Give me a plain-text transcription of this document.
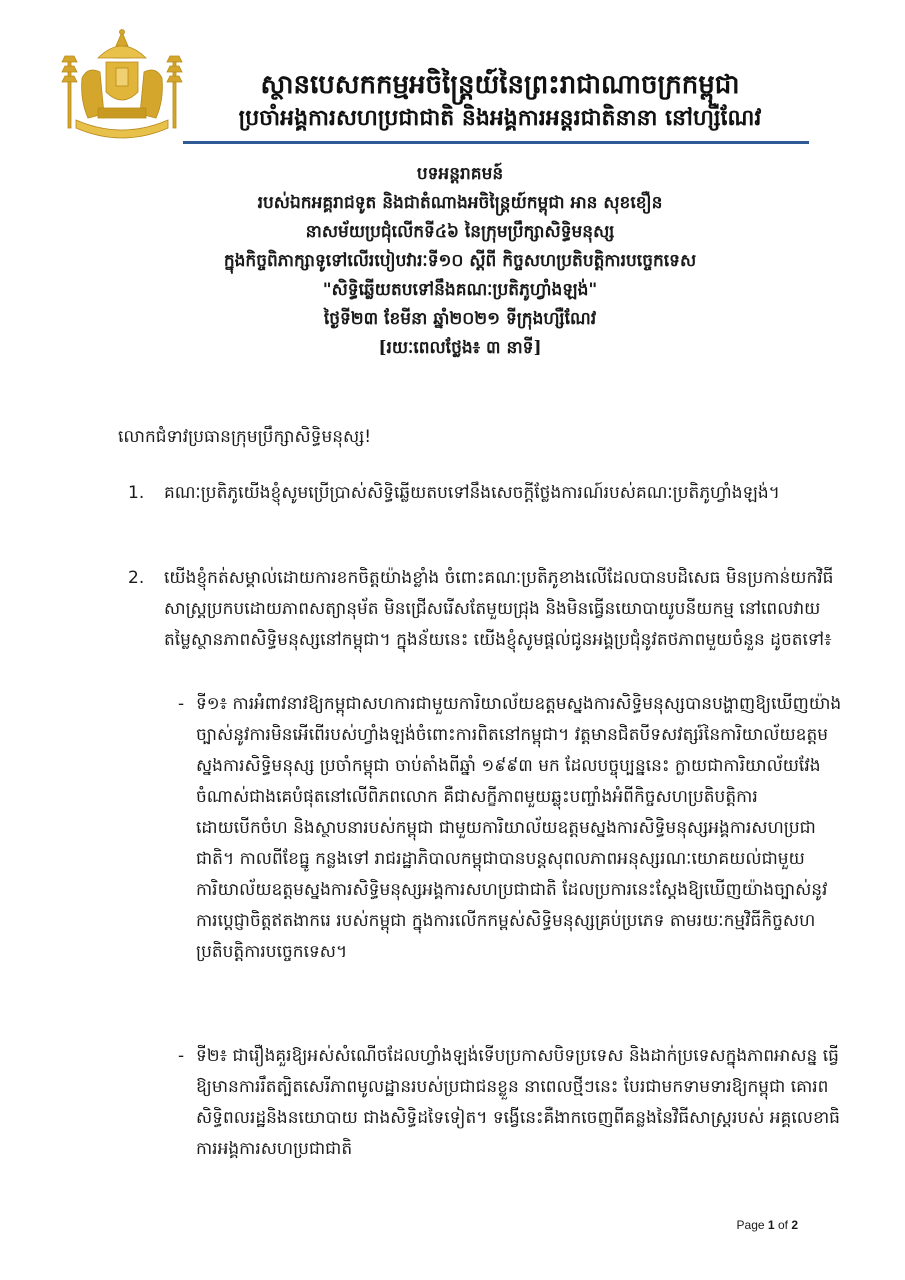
ស្ថានបេសកកម្មអចិន្ត្រៃយ៍នៃព្រះរាជាណាចក្រកម្ពុជា
ប្រចាំអង្គការសហប្រជាជាតិ និងអង្គការអន្តរជាតិនានា នៅហ្សឺណែវ
បទអន្តរាគមន៍
របស់ឯកអគ្គរាជទូត និងជាតំណាងអចិន្ត្រៃយ៍កម្ពុជា អាន សុខខឿន
នាសម័យប្រជុំលើកទី៤៦ នៃក្រុមប្រឹក្សាសិទ្ធិមនុស្ស
ក្នុងកិច្ចពិភាក្សាទូទៅលើរបៀបវារៈទី១០ ស្តីពី កិច្ចសហប្រតិបត្តិការបច្ចេកទេស
"សិទ្ធិឆ្លើយតបទៅនឹងគណៈប្រតិភូហ្វាំងឡង់"
ថ្ងៃទី២៣ ខែមីនា ឆ្នាំ២០២១ ទីក្រុងហ្សឺណែវ
[រយៈពេលថ្លែង៖ ៣ នាទី]
លោកជំទាវប្រធានក្រុមប្រឹក្សាសិទ្ធិមនុស្ស!
1. គណៈប្រតិភូយើងខ្ញុំសូមប្រើប្រាស់សិទ្ធិឆ្លើយតបទៅនឹងសេចក្តីថ្លែងការណ៍របស់គណៈប្រតិភូហ្វាំងឡង់។
2. យើងខ្ញុំកត់សម្គាល់ដោយការខកចិត្តយ៉ាងខ្លាំង ចំពោះគណៈប្រតិភូខាងលើដែលបានបដិសេធ មិនប្រកាន់យកវិធីសាស្ត្រប្រកបដោយភាពសត្យានុម័ត មិនជ្រើសរើសតែមួយជ្រុង និងមិនធ្វើនយោបាយូបនីយកម្ម នៅពេលវាយតម្លៃស្ថានភាពសិទ្ធិមនុស្សនៅកម្ពុជា។ ក្នុងន័យនេះ យើងខ្ញុំសូមផ្តល់ជូនអង្គប្រជុំនូវតថភាពមួយចំនួន ដូចតទៅ៖
- ទី១៖ ការអំពាវនាវឱ្យកម្ពុជាសហការជាមួយការិយាល័យឧត្តមស្នងការសិទ្ធិមនុស្សបានបង្ហាញឱ្យឃើញយ៉ាងច្បាស់នូវការមិនអើពើរបស់ហ្វាំងឡង់ចំពោះការពិតនៅកម្ពុជា។ វត្តមានជិតបីទសវត្សរ៍នៃការិយាល័យឧត្តមស្នងការសិទ្ធិមនុស្ស ប្រចាំកម្ពុជា ចាប់តាំងពីឆ្នាំ ១៩៩៣ មក ដែលបច្ចុប្បន្ននេះ ក្លាយជាការិយាល័យវែងចំណាស់ជាងគេបំផុតនៅលើពិភពលោក គឺជាសក្ខីភាពមួយឆ្លុះបញ្ចាំងអំពីកិច្ចសហប្រតិបត្តិការដោយបើកចំហ និងស្ថាបនារបស់កម្ពុជា ជាមួយការិយាល័យឧត្តមស្នងការសិទ្ធិមនុស្សអង្គការសហប្រជាជាតិ។ កាលពីខែធ្នូ កន្លងទៅ រាជរដ្ឋាភិបាលកម្ពុជាបានបន្តសុពលភាពអនុស្សរណៈយោគយល់ជាមួយការិយាល័យឧត្តមស្នងការសិទ្ធិមនុស្សអង្គការសហប្រជាជាតិ ដែលប្រការនេះស្តែងឱ្យឃើញយ៉ាងច្បាស់នូវការប្តេជ្ញាចិត្តឥតងាករេ របស់កម្ពុជា ក្នុងការលើកកម្ពស់សិទ្ធិមនុស្សគ្រប់ប្រភេទ តាមរយៈកម្មវិធីកិច្ចសហប្រតិបត្តិការបច្ចេកទេស។
- ទី២៖ ជារឿងគួរឱ្យអស់សំណើចដែលហ្វាំងឡង់ទើបប្រកាសបិទប្រទេស និងដាក់ប្រទេសក្នុងភាពអាសន្ន ធ្វើឱ្យមានការរឹតត្បិតសេរីភាពមូលដ្ឋានរបស់ប្រជាជនខ្លួន នាពេលថ្មីៗនេះ បែរជាមកទាមទារឱ្យកម្ពុជា គោរពសិទ្ធិពលរដ្ឋនិងនយោបាយ ជាងសិទ្ធិដទៃទៀត។ ទង្វើនេះគឺងាកចេញពីគន្លងនៃវិធីសាស្ត្ររបស់ អគ្គលេខាធិការអង្គការសហប្រជាជាតិ
Page 1 of 2
